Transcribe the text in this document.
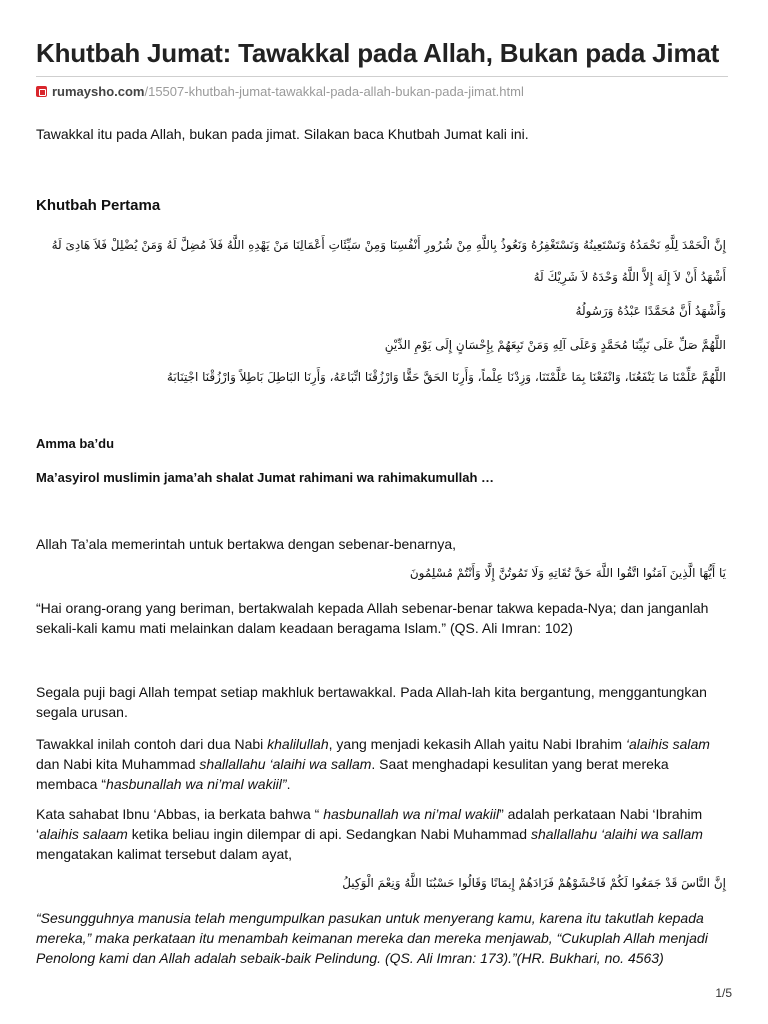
Khutbah Jumat: Tawakkal pada Allah, Bukan pada Jimat
rumaysho.com/15507-khutbah-jumat-tawakkal-pada-allah-bukan-pada-jimat.html
Tawakkal itu pada Allah, bukan pada jimat. Silakan baca Khutbah Jumat kali ini.
Khutbah Pertama
إِنَّ الْحَمْدَ لِلَّهِ نَحْمَدُهُ وَنَسْتَعِينُهُ وَنَسْتَغْفِرُهُ وَنَعُوذُ بِاللَّهِ مِنْ شُرُورِ أَنْفُسِنَا وَمِنْ سَيِّئَاتِ أَعْمَالِنَا مَنْ يَهْدِهِ اللَّهُ فَلاَ مُضِلَّ لَهُ وَمَنْ يُضْلِلْ فَلاَ هَادِىَ لَهُ
أَشْهَدُ أَنْ لاَ إِلَهَ إِلاَّ اللَّهُ وَحْدَهُ لاَ شَرِيْكَ لَهُ
وَأَشْهَدُ أَنَّ مُحَمَّدًا عَبْدُهُ وَرَسُولُهُ
اللَّهُمَّ صَلِّ عَلَى نَبِيِّنَا مُحَمَّدٍ وَعَلَى آلِهِ وَمَنْ تَبِعَهُمْ بِإِحْسَانٍ إِلَى يَوْمِ الدِّيْنِ
اللَّهُمَّ عَلِّمْنَا مَا يَنْفَعُنَا، وَانْفَعْنَا بِمَا عَلَّمْتَنَا، وَزِدْنَا عِلْماً، وَأَرِنَا الحَقَّ حَقًّا وَارْزُقْنَا اتِّبَاعَهُ، وَأَرِنَا البَاطِلَ بَاطِلاً وَارْزُقْنَا اجْتِنَابَهُ
Amma ba’du
Ma’asyirol muslimin jama’ah shalat Jumat rahimani wa rahimakumullah …
Allah Ta’ala memerintah untuk bertakwa dengan sebenar-benarnya,
يَا أَيُّهَا الَّذِينَ آمَنُوا اتَّقُوا اللَّهَ حَقَّ تُقَاتِهِ وَلَا تَمُوتُنَّ إِلَّا وَأَنْتُمْ مُسْلِمُونَ
“Hai orang-orang yang beriman, bertakwalah kepada Allah sebenar-benar takwa kepada-Nya; dan janganlah sekali-kali kamu mati melainkan dalam keadaan beragama Islam.” (QS. Ali Imran: 102)
Segala puji bagi Allah tempat setiap makhluk bertawakkal. Pada Allah-lah kita bergantung, menggantungkan segala urusan.
Tawakkal inilah contoh dari dua Nabi khalilullah, yang menjadi kekasih Allah yaitu Nabi Ibrahim ‘alaihis salam dan Nabi kita Muhammad shallallahu ‘alaihi wa sallam. Saat menghadapi kesulitan yang berat mereka membaca “hasbunallah wa ni’mal wakiil”.
Kata sahabat Ibnu ‘Abbas, ia berkata bahwa “ hasbunallah wa ni’mal wakiil” adalah perkataan Nabi ‘Ibrahim ‘alaihis salaam ketika beliau ingin dilempar di api. Sedangkan Nabi Muhammad shallallahu ‘alaihi wa sallam mengatakan kalimat tersebut dalam ayat,
إِنَّ النَّاسَ قَدْ جَمَعُوا لَكُمْ فَاخْشَوْهُمْ فَزَادَهُمْ إِيمَانًا وَقَالُوا حَسْبُنَا اللَّهُ وَنِعْمَ الْوَكِيلُ
“Sesungguhnya manusia telah mengumpulkan pasukan untuk menyerang kamu, karena itu takutlah kepada mereka,” maka perkataan itu menambah keimanan mereka dan mereka menjawab, “Cukuplah Allah menjadi Penolong kami dan Allah adalah sebaik-baik Pelindung. (QS. Ali Imran: 173).”(HR. Bukhari, no. 4563)
1/5
